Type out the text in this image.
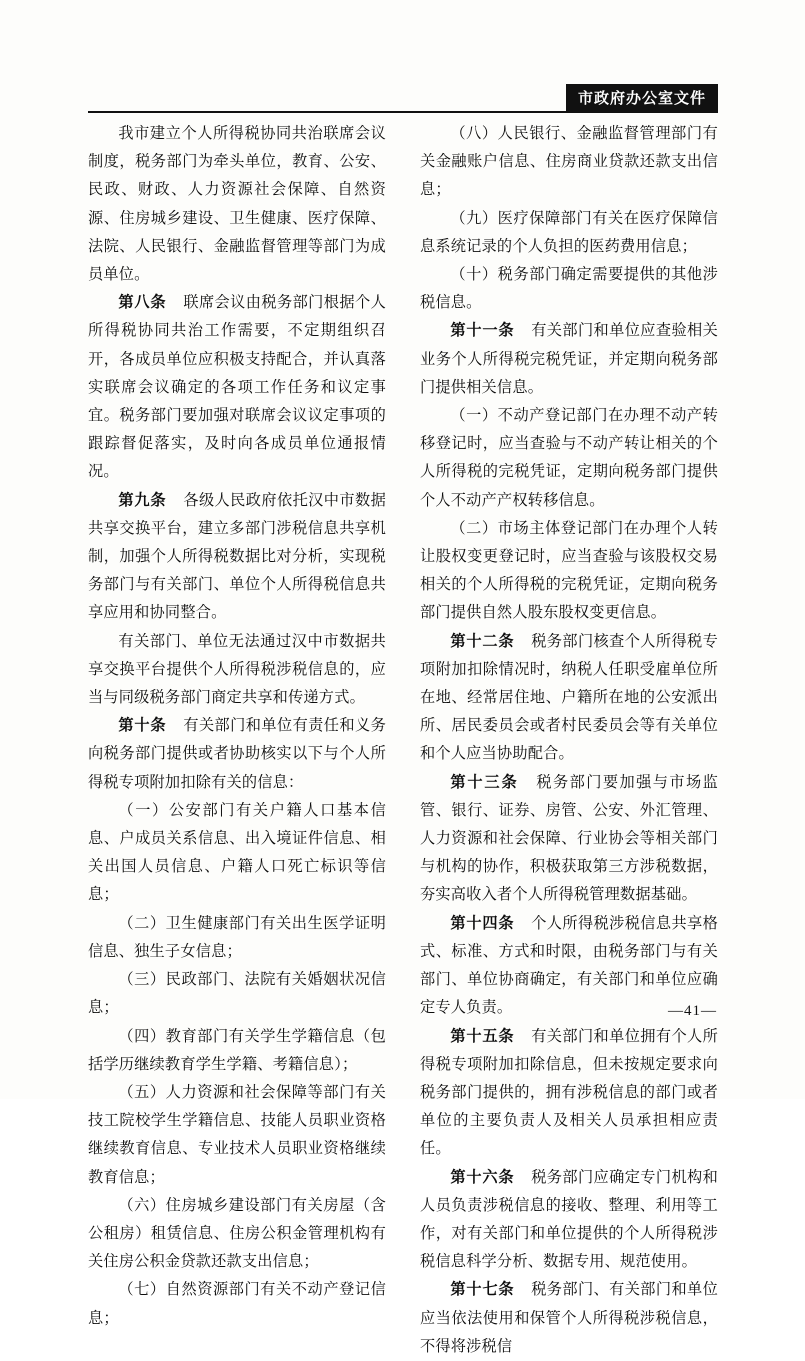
市政府办公室文件

我市建立个人所得税协同共治联席会议制度，税务部门为牵头单位，教育、公安、民政、财政、人力资源社会保障、自然资源、住房城乡建设、卫生健康、医疗保障、法院、人民银行、金融监督管理等部门为成员单位。

第八条 联席会议由税务部门根据个人所得税协同共治工作需要，不定期组织召开，各成员单位应积极支持配合，并认真落实联席会议确定的各项工作任务和议定事宜。税务部门要加强对联席会议议定事项的跟踪督促落实，及时向各成员单位通报情况。

第九条 各级人民政府依托汉中市数据共享交换平台，建立多部门涉税信息共享机制，加强个人所得税数据比对分析，实现税务部门与有关部门、单位个人所得税信息共享应用和协同整合。

有关部门、单位无法通过汉中市数据共享交换平台提供个人所得税涉税信息的，应当与同级税务部门商定共享和传递方式。

第十条 有关部门和单位有责任和义务向税务部门提供或者协助核实以下与个人所得税专项附加扣除有关的信息：

（一）公安部门有关户籍人口基本信息、户成员关系信息、出入境证件信息、相关出国人员信息、户籍人口死亡标识等信息；

（二）卫生健康部门有关出生医学证明信息、独生子女信息；

（三）民政部门、法院有关婚姻状况信息；

（四）教育部门有关学生学籍信息（包括学历继续教育学生学籍、考籍信息）；

（五）人力资源和社会保障等部门有关技工院校学生学籍信息、技能人员职业资格继续教育信息、专业技术人员职业资格继续教育信息；

（六）住房城乡建设部门有关房屋（含公租房）租赁信息、住房公积金管理机构有关住房公积金贷款还款支出信息；

（七）自然资源部门有关不动产登记信息；

（八）人民银行、金融监督管理部门有关金融账户信息、住房商业贷款还款支出信息；

（九）医疗保障部门有关在医疗保障信息系统记录的个人负担的医药费用信息；

（十）税务部门确定需要提供的其他涉税信息。

第十一条 有关部门和单位应查验相关业务个人所得税完税凭证，并定期向税务部门提供相关信息。

（一）不动产登记部门在办理不动产转移登记时，应当查验与不动产转让相关的个人所得税的完税凭证，定期向税务部门提供个人不动产产权转移信息。

（二）市场主体登记部门在办理个人转让股权变更登记时，应当查验与该股权交易相关的个人所得税的完税凭证，定期向税务部门提供自然人股东股权变更信息。

第十二条 税务部门核查个人所得税专项附加扣除情况时，纳税人任职受雇单位所在地、经常居住地、户籍所在地的公安派出所、居民委员会或者村民委员会等有关单位和个人应当协助配合。

第十三条 税务部门要加强与市场监管、银行、证券、房管、公安、外汇管理、人力资源和社会保障、行业协会等相关部门与机构的协作，积极获取第三方涉税数据，夯实高收入者个人所得税管理数据基础。

第十四条 个人所得税涉税信息共享格式、标准、方式和时限，由税务部门与有关部门、单位协商确定，有关部门和单位应确定专人负责。

第十五条 有关部门和单位拥有个人所得税专项附加扣除信息，但未按规定要求向税务部门提供的，拥有涉税信息的部门或者单位的主要负责人及相关人员承担相应责任。

第十六条 税务部门应确定专门机构和人员负责涉税信息的接收、整理、利用等工作，对有关部门和单位提供的个人所得税涉税信息科学分析、数据专用、规范使用。

第十七条 税务部门、有关部门和单位应当依法使用和保管个人所得税涉税信息，不得将涉税信

—41—
